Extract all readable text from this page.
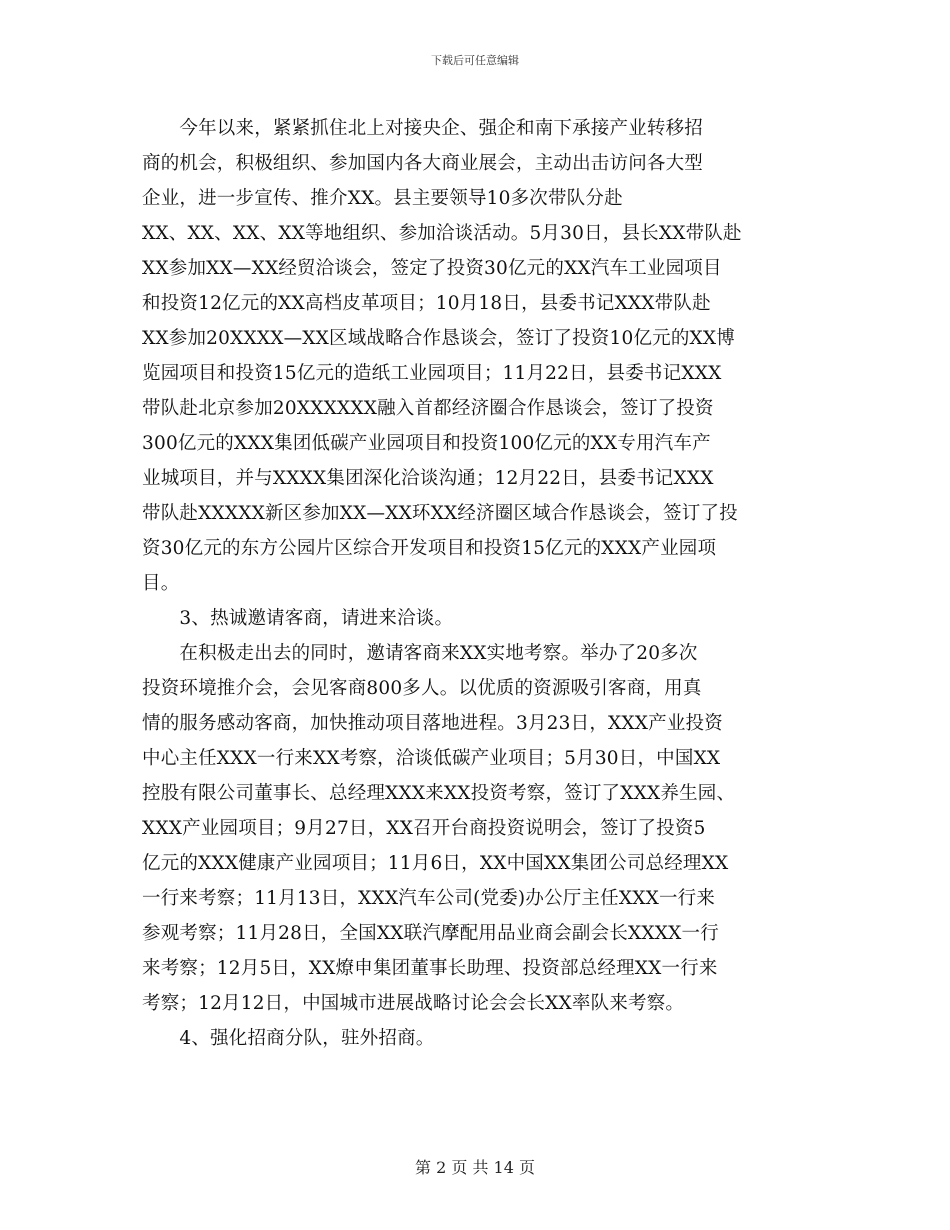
下载后可任意编辑
　　今年以来，紧紧抓住北上对接央企、强企和南下承接产业转移招
商的机会，积极组织、参加国内各大商业展会，主动出击访问各大型
企业，进一步宣传、推介XX。县主要领导10多次带队分赴
XX、XX、XX、XX等地组织、参加洽谈活动。5月30日，县长XX带队赴
XX参加XX—XX经贸洽谈会，签定了投资30亿元的XX汽车工业园项目
和投资12亿元的XX高档皮革项目；10月18日，县委书记XXX带队赴
XX参加20XXXX—XX区域战略合作恳谈会，签订了投资10亿元的XX博
览园项目和投资15亿元的造纸工业园项目；11月22日，县委书记XXX
带队赴北京参加20XXXXXX融入首都经济圈合作恳谈会，签订了投资
300亿元的XXX集团低碳产业园项目和投资100亿元的XX专用汽车产
业城项目，并与XXXX集团深化洽谈沟通；12月22日，县委书记XXX
带队赴XXXXX新区参加XX—XX环XX经济圈区域合作恳谈会，签订了投
资30亿元的东方公园片区综合开发项目和投资15亿元的XXX产业园项
目。
　　3、热诚邀请客商，请进来洽谈。
　　在积极走出去的同时，邀请客商来XX实地考察。举办了20多次
投资环境推介会，会见客商800多人。以优质的资源吸引客商，用真
情的服务感动客商，加快推动项目落地进程。3月23日，XXX产业投资
中心主任XXX一行来XX考察，洽谈低碳产业项目；5月30日，中国XX
控股有限公司董事长、总经理XXX来XX投资考察，签订了XXX养生园、
XXX产业园项目；9月27日，XX召开台商投资说明会，签订了投资5
亿元的XXX健康产业园项目；11月6日，XX中国XX集团公司总经理XX
一行来考察；11月13日，XXX汽车公司(党委)办公厅主任XXX一行来
参观考察；11月28日，全国XX联汽摩配用品业商会副会长XXXX一行
来考察；12月5日，XX燎申集团董事长助理、投资部总经理XX一行来
考察；12月12日，中国城市进展战略讨论会会长XX率队来考察。
　　4、强化招商分队，驻外招商。
第 2 页 共 14 页
